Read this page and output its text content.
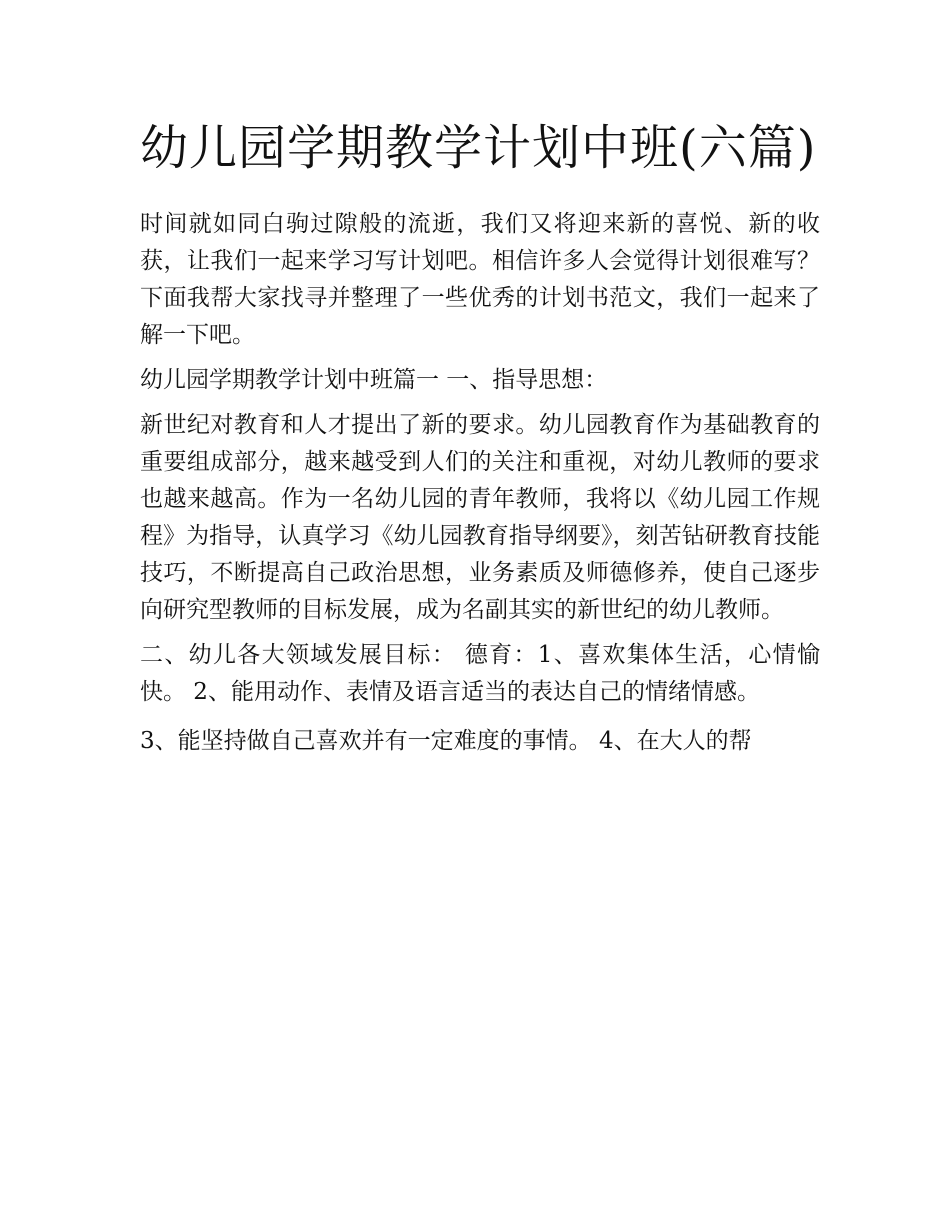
幼儿园学期教学计划中班(六篇)

时间就如同白驹过隙般的流逝，我们又将迎来新的喜悦、新的收获，让我们一起来学习写计划吧。相信许多人会觉得计划很难写？下面我帮大家找寻并整理了一些优秀的计划书范文，我们一起来了解一下吧。

幼儿园学期教学计划中班篇一 一、指导思想：

新世纪对教育和人才提出了新的要求。幼儿园教育作为基础教育的重要组成部分，越来越受到人们的关注和重视，对幼儿教师的要求也越来越高。作为一名幼儿园的青年教师，我将以《幼儿园工作规程》为指导，认真学习《幼儿园教育指导纲要》，刻苦钻研教育技能技巧，不断提高自己政治思想，业务素质及师德修养，使自己逐步向研究型教师的目标发展，成为名副其实的新世纪的幼儿教师。

二、幼儿各大领域发展目标： 德育：1、喜欢集体生活，心情愉快。 2、能用动作、表情及语言适当的表达自己的情绪情感。

3、能坚持做自己喜欢并有一定难度的事情。 4、在大人的帮
